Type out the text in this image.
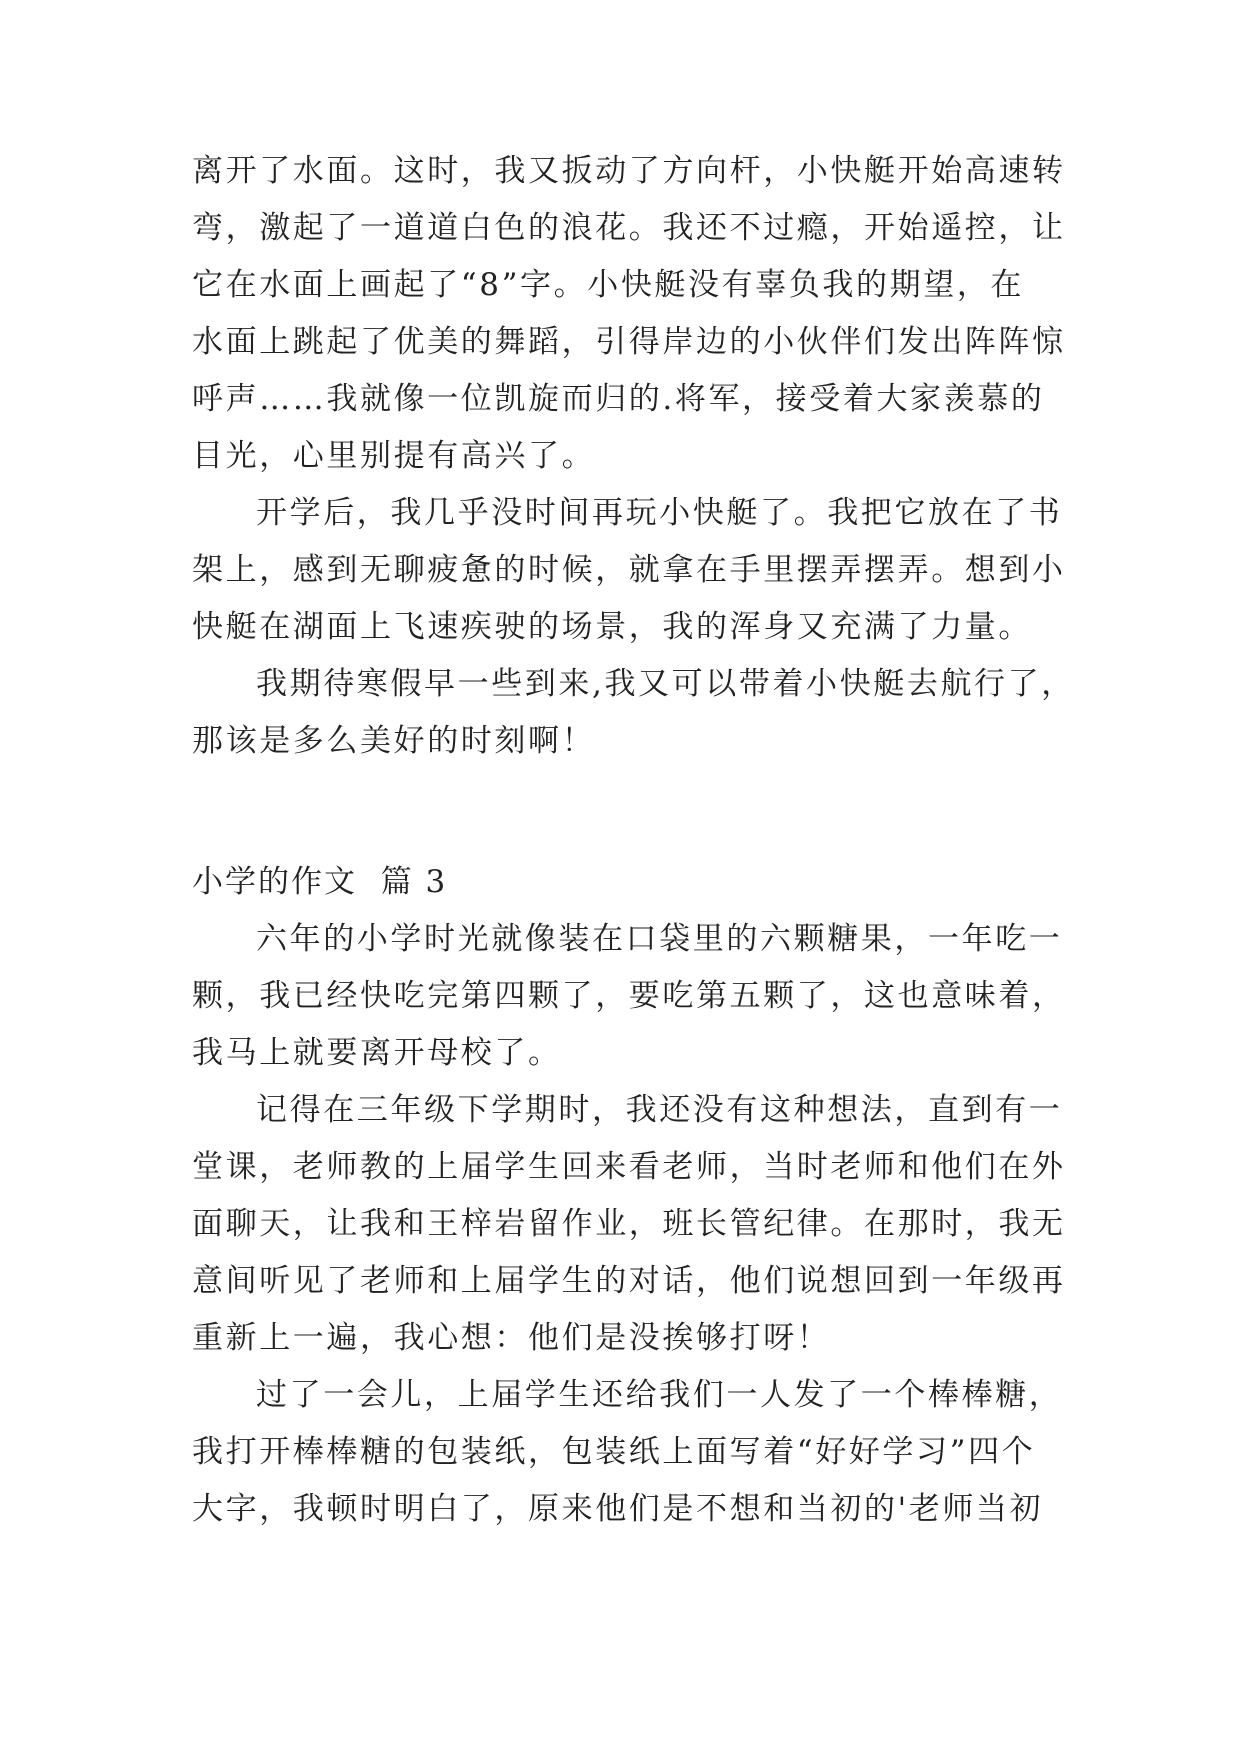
离开了水面。这时，我又扳动了方向杆，小快艇开始高速转
弯，激起了一道道白色的浪花。我还不过瘾，开始遥控，让
它在水面上画起了“8”字。小快艇没有辜负我的期望，在
水面上跳起了优美的舞蹈，引得岸边的小伙伴们发出阵阵惊
呼声……我就像一位凯旋而归的.将军，接受着大家羡慕的
目光，心里别提有高兴了。
开学后，我几乎没时间再玩小快艇了。我把它放在了书
架上，感到无聊疲惫的时候，就拿在手里摆弄摆弄。想到小
快艇在湖面上飞速疾驶的场景，我的浑身又充满了力量。
我期待寒假早一些到来,我又可以带着小快艇去航行了，
那该是多么美好的时刻啊！
小学的作文  篇 3
六年的小学时光就像装在口袋里的六颗糖果，一年吃一
颗，我已经快吃完第四颗了，要吃第五颗了，这也意味着，
我马上就要离开母校了。
记得在三年级下学期时，我还没有这种想法，直到有一
堂课，老师教的上届学生回来看老师，当时老师和他们在外
面聊天，让我和王梓岩留作业，班长管纪律。在那时，我无
意间听见了老师和上届学生的对话，他们说想回到一年级再
重新上一遍，我心想：他们是没挨够打呀！
过了一会儿，上届学生还给我们一人发了一个棒棒糖，
我打开棒棒糖的包装纸，包装纸上面写着“好好学习”四个
大字，我顿时明白了，原来他们是不想和当初的'老师当初
